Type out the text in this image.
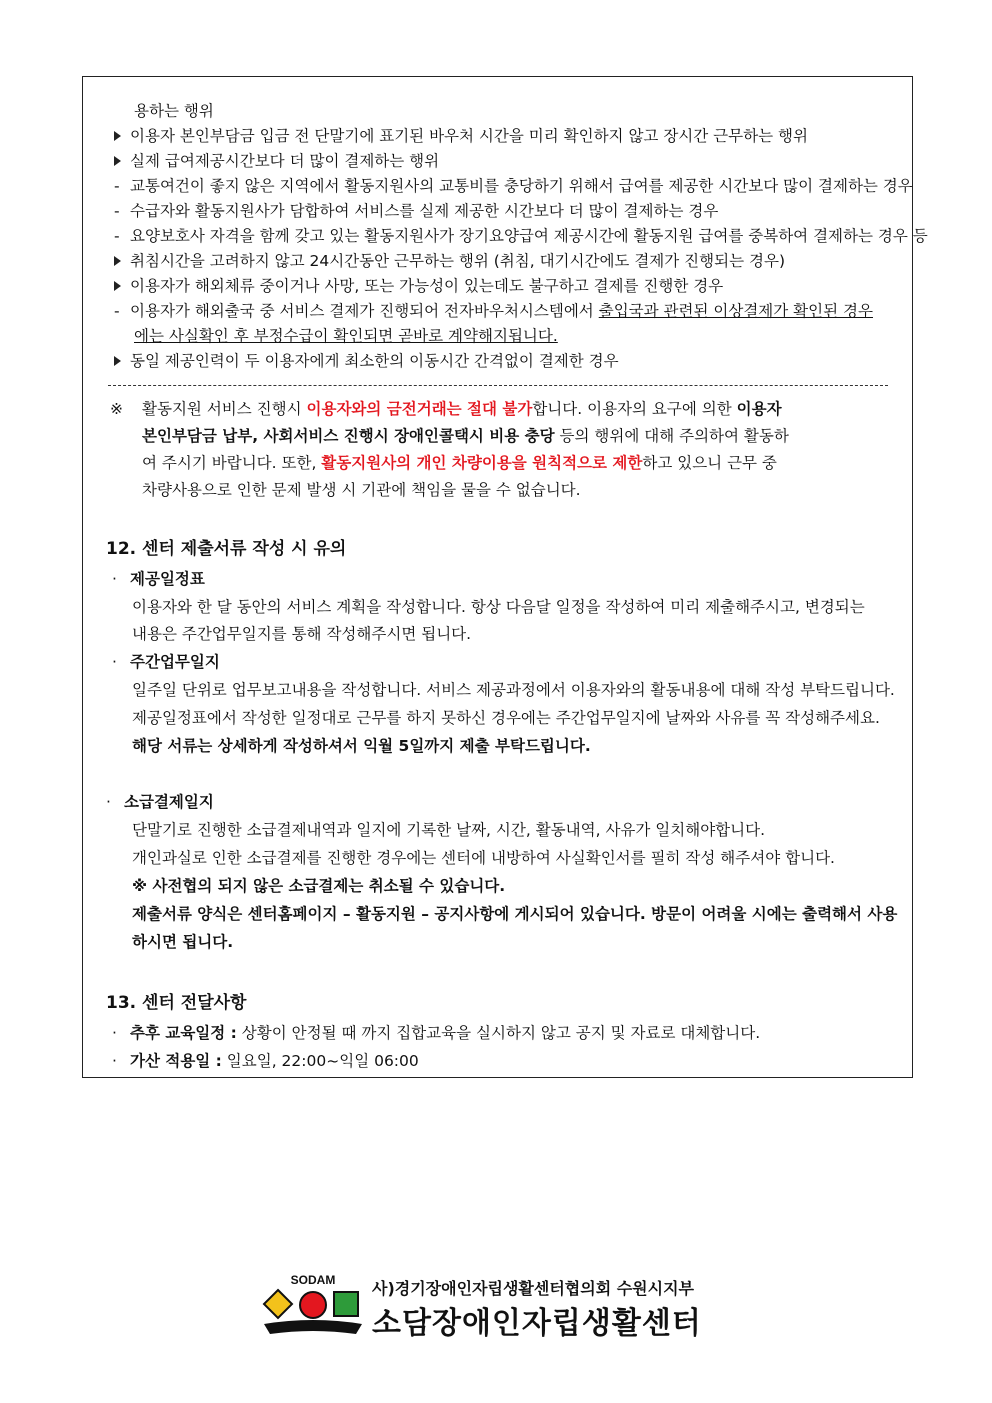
용하는 행위
이용자 본인부담금 입금 전 단말기에 표기된 바우처 시간을 미리 확인하지 않고 장시간 근무하는 행위
실제 급여제공시간보다 더 많이 결제하는 행위
- 교통여건이 좋지 않은 지역에서 활동지원사의 교통비를 충당하기 위해서 급여를 제공한 시간보다 많이 결제하는 경우
- 수급자와 활동지원사가 담합하여 서비스를 실제 제공한 시간보다 더 많이 결제하는 경우
- 요양보호사 자격을 함께 갖고 있는 활동지원사가 장기요양급여 제공시간에 활동지원 급여를 중복하여 결제하는 경우 등
취침시간을 고려하지 않고 24시간동안 근무하는 행위 (취침, 대기시간에도 결제가 진행되는 경우)
이용자가 해외체류 중이거나 사망, 또는 가능성이 있는데도 불구하고 결제를 진행한 경우
- 이용자가 해외출국 중 서비스 결제가 진행되어 전자바우처시스템에서 출입국과 관련된 이상결제가 확인된 경우
에는 사실확인 후 부정수급이 확인되면 곧바로 계약해지됩니다.
동일 제공인력이 두 이용자에게 최소한의 이동시간 간격없이 결제한 경우
※ 활동지원 서비스 진행시 이용자와의 금전거래는 절대 불가합니다. 이용자의 요구에 의한 이용자
본인부담금 납부, 사회서비스 진행시 장애인콜택시 비용 충당 등의 행위에 대해 주의하여 활동하
여 주시기 바랍니다. 또한, 활동지원사의 개인 차량이용을 원칙적으로 제한하고 있으니 근무 중
차량사용으로 인한 문제 발생 시 기관에 책임을 물을 수 없습니다.
12. 센터 제출서류 작성 시 유의
· 제공일정표
이용자와 한 달 동안의 서비스 계획을 작성합니다. 항상 다음달 일정을 작성하여 미리 제출해주시고, 변경되는
내용은 주간업무일지를 통해 작성해주시면 됩니다.
· 주간업무일지
일주일 단위로 업무보고내용을 작성합니다. 서비스 제공과정에서 이용자와의 활동내용에 대해 작성 부탁드립니다.
제공일정표에서 작성한 일정대로 근무를 하지 못하신 경우에는 주간업무일지에 날짜와 사유를 꼭 작성해주세요.
해당 서류는 상세하게 작성하셔서 익월 5일까지 제출 부탁드립니다.
· 소급결제일지
단말기로 진행한 소급결제내역과 일지에 기록한 날짜, 시간, 활동내역, 사유가 일치해야합니다.
개인과실로 인한 소급결제를 진행한 경우에는 센터에 내방하여 사실확인서를 필히 작성 해주셔야 합니다.
※ 사전협의 되지 않은 소급결제는 취소될 수 있습니다.
제출서류 양식은 센터홈페이지 – 활동지원 – 공지사항에 게시되어 있습니다. 방문이 어려울 시에는 출력해서 사용
하시면 됩니다.
13. 센터 전달사항
· 추후 교육일정 : 상황이 안정될 때 까지 집합교육을 실시하지 않고 공지 및 자료로 대체합니다.
· 가산 적용일 : 일요일, 22:00~익일 06:00
SODAM 사)경기장애인자립생활센터협의회 수원시지부
소담장애인자립생활센터
